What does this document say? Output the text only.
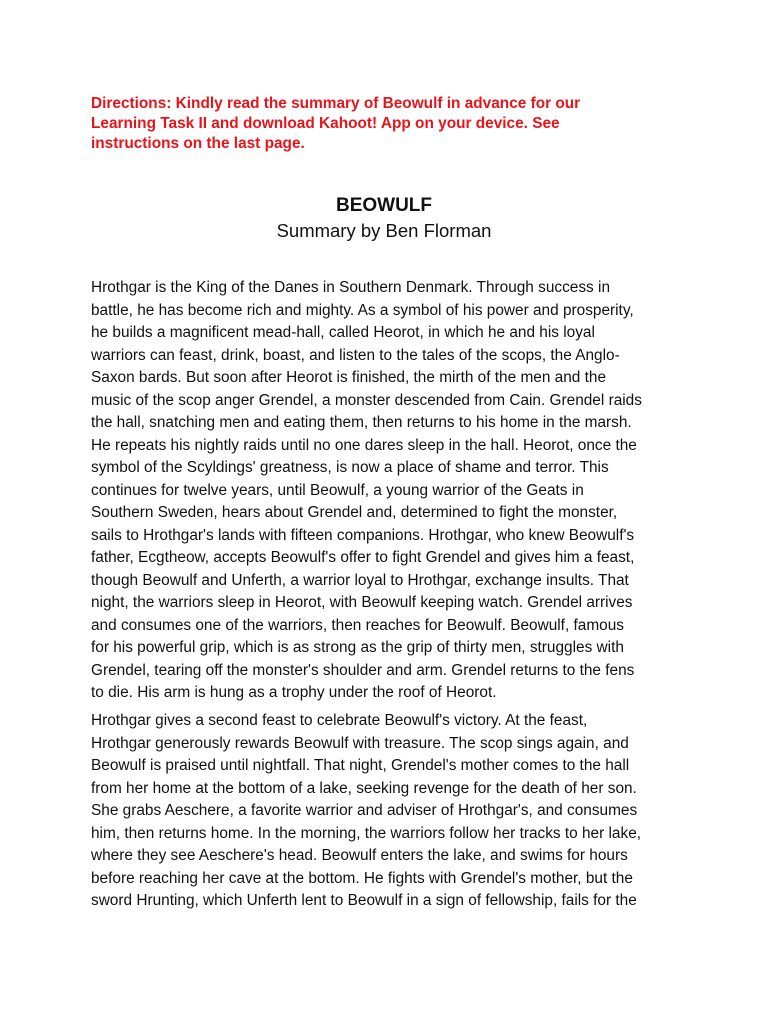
Directions: Kindly read the summary of Beowulf in advance for our
Learning Task II and download Kahoot! App on your device. See
instructions on the last page.

BEOWULF
Summary by Ben Florman

Hrothgar is the King of the Danes in Southern Denmark. Through success in
battle, he has become rich and mighty. As a symbol of his power and prosperity,
he builds a magnificent mead-hall, called Heorot, in which he and his loyal
warriors can feast, drink, boast, and listen to the tales of the scops, the Anglo-
Saxon bards. But soon after Heorot is finished, the mirth of the men and the
music of the scop anger Grendel, a monster descended from Cain. Grendel raids
the hall, snatching men and eating them, then returns to his home in the marsh.
He repeats his nightly raids until no one dares sleep in the hall. Heorot, once the
symbol of the Scyldings' greatness, is now a place of shame and terror. This
continues for twelve years, until Beowulf, a young warrior of the Geats in
Southern Sweden, hears about Grendel and, determined to fight the monster,
sails to Hrothgar's lands with fifteen companions. Hrothgar, who knew Beowulf's
father, Ecgtheow, accepts Beowulf's offer to fight Grendel and gives him a feast,
though Beowulf and Unferth, a warrior loyal to Hrothgar, exchange insults. That
night, the warriors sleep in Heorot, with Beowulf keeping watch. Grendel arrives
and consumes one of the warriors, then reaches for Beowulf. Beowulf, famous
for his powerful grip, which is as strong as the grip of thirty men, struggles with
Grendel, tearing off the monster's shoulder and arm. Grendel returns to the fens
to die. His arm is hung as a trophy under the roof of Heorot.

Hrothgar gives a second feast to celebrate Beowulf's victory. At the feast,
Hrothgar generously rewards Beowulf with treasure. The scop sings again, and
Beowulf is praised until nightfall. That night, Grendel's mother comes to the hall
from her home at the bottom of a lake, seeking revenge for the death of her son.
She grabs Aeschere, a favorite warrior and adviser of Hrothgar's, and consumes
him, then returns home. In the morning, the warriors follow her tracks to her lake,
where they see Aeschere's head. Beowulf enters the lake, and swims for hours
before reaching her cave at the bottom. He fights with Grendel's mother, but the
sword Hrunting, which Unferth lent to Beowulf in a sign of fellowship, fails for the
